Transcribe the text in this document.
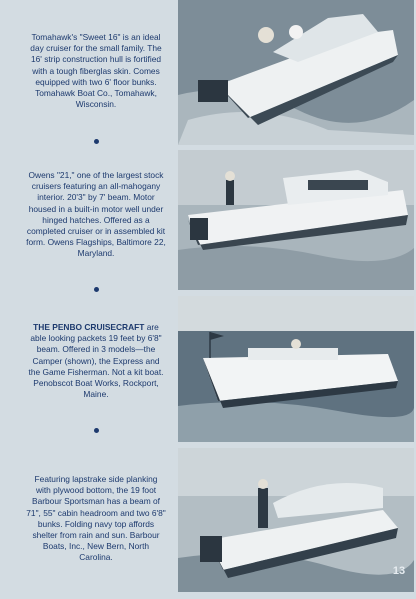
Tomahawk's "Sweet 16" is an ideal day cruiser for the small family. The 16' strip construction hull is fortified with a tough fiberglas skin. Comes equipped with two 6' floor bunks. Tomahawk Boat Co., Tomahawk, Wisconsin.
Owens "21," one of the largest stock cruisers featuring an all-mahogany interior. 20'3" by 7' beam. Motor housed in a built-in motor well under hinged hatches. Offered as a completed cruiser or in assembled kit form. Owens Flagships, Baltimore 22, Maryland.
THE PENBO CRUISECRAFT are able looking packets 19 feet by 6'8" beam. Offered in 3 models—the Camper (shown), the Express and the Game Fisherman. Not a kit boat. Penobscot Boat Works, Rockport, Maine.
Featuring lapstrake side planking with plywood bottom, the 19 foot Barbour Sportsman has a beam of 71", 55" cabin headroom and two 6'8" bunks. Folding navy top affords shelter from rain and sun. Barbour Boats, Inc., New Bern, North Carolina.
13
